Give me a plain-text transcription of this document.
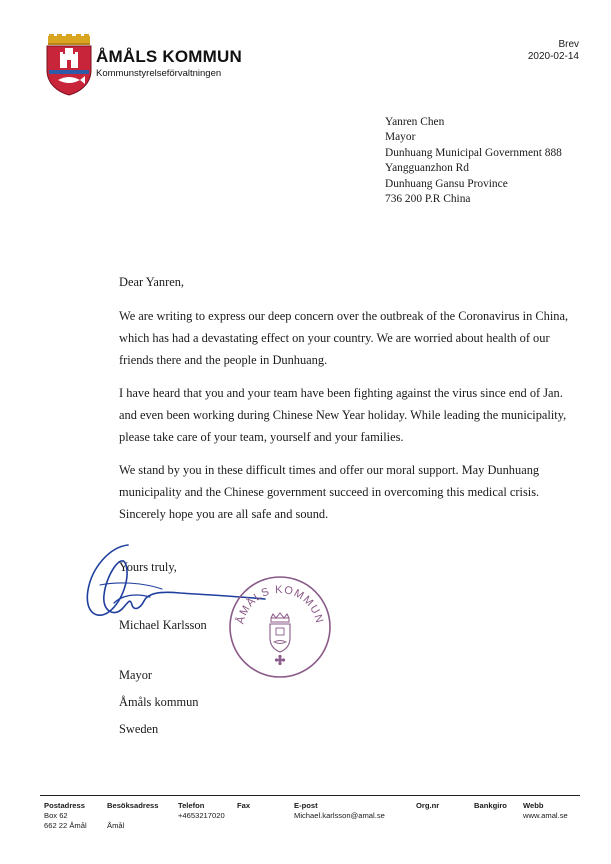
ÅMÅLS KOMMUN
Kommunstyrelseförvaltningen
Brev
2020-02-14
Yanren Chen
Mayor
Dunhuang Municipal Government 888
Yangguanzhon Rd
Dunhuang Gansu Province
736 200 P.R China
Dear Yanren,
We are writing to express our deep concern over the outbreak of the Coronavirus in China, which has had a devastating effect on your country. We are worried about health of our friends there and the people in Dunhuang.
I have heard that you and your team have been fighting against the virus since end of Jan. and even been working during Chinese New Year holiday. While leading the municipality, please take care of your team, yourself and your families.
We stand by you in these difficult times and offer our moral support. May Dunhuang municipality and the Chinese government succeed in overcoming this medical crisis. Sincerely hope you are all safe and sound.
Yours truly,
Michael Karlsson
Mayor
Åmåls kommun
Sweden
ÅMÅLS KOMMUN
Postadress
Box 62
662 22 Åmål
Besöksadress

Åmål
Telefon
+4653217020
Fax	E-post
Michael.karlsson@amal.se
Org.nr	Bankgiro Webb
www.amal.se
